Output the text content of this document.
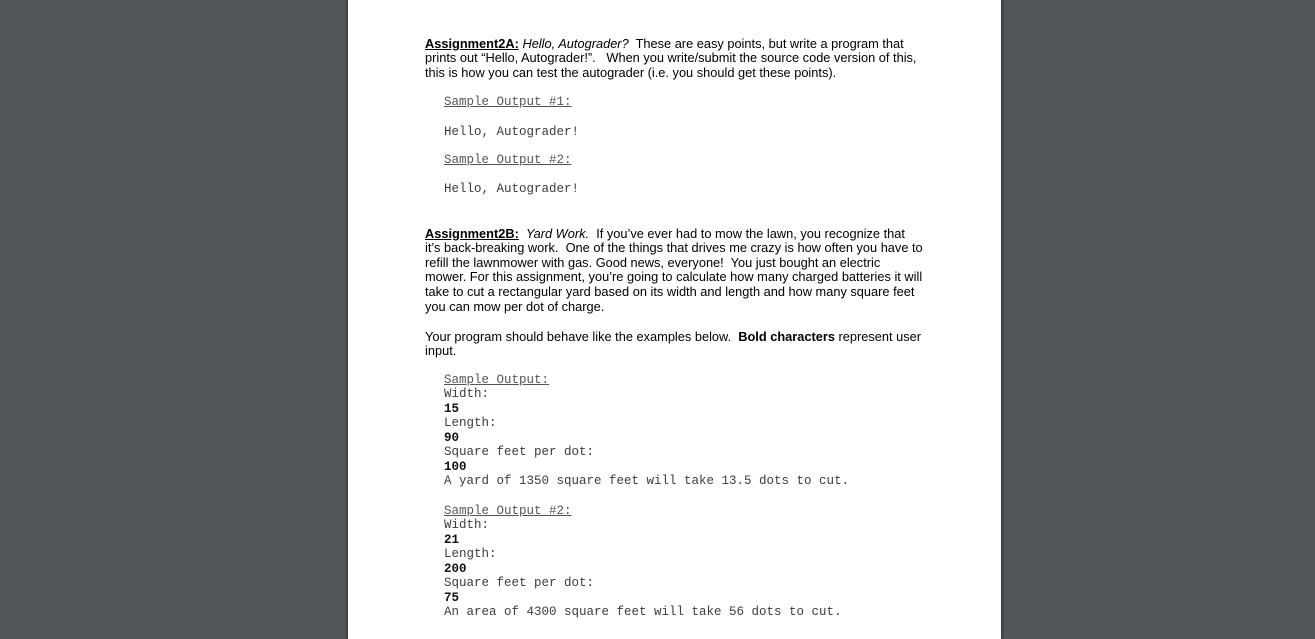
Assignment2A: Hello, Autograder?  These are easy points, but write a program that
prints out “Hello, Autograder!”.   When you write/submit the source code version of this,
this is how you can test the autograder (i.e. you should get these points).
Sample Output #1:
Hello, Autograder!
Sample Output #2:
Hello, Autograder!
Assignment2B: Yard Work.  If you’ve ever had to mow the lawn, you recognize that
it’s back-breaking work.  One of the things that drives me crazy is how often you have to
refill the lawnmower with gas. Good news, everyone!  You just bought an electric
mower. For this assignment, you’re going to calculate how many charged batteries it will
take to cut a rectangular yard based on its width and length and how many square feet
you can mow per dot of charge.
Your program should behave like the examples below.  Bold characters represent user
input.
Sample Output:
Width:
15
Length:
90
Square feet per dot:
100
A yard of 1350 square feet will take 13.5 dots to cut.
Sample Output #2:
Width:
21
Length:
200
Square feet per dot:
75
An area of 4300 square feet will take 56 dots to cut.
